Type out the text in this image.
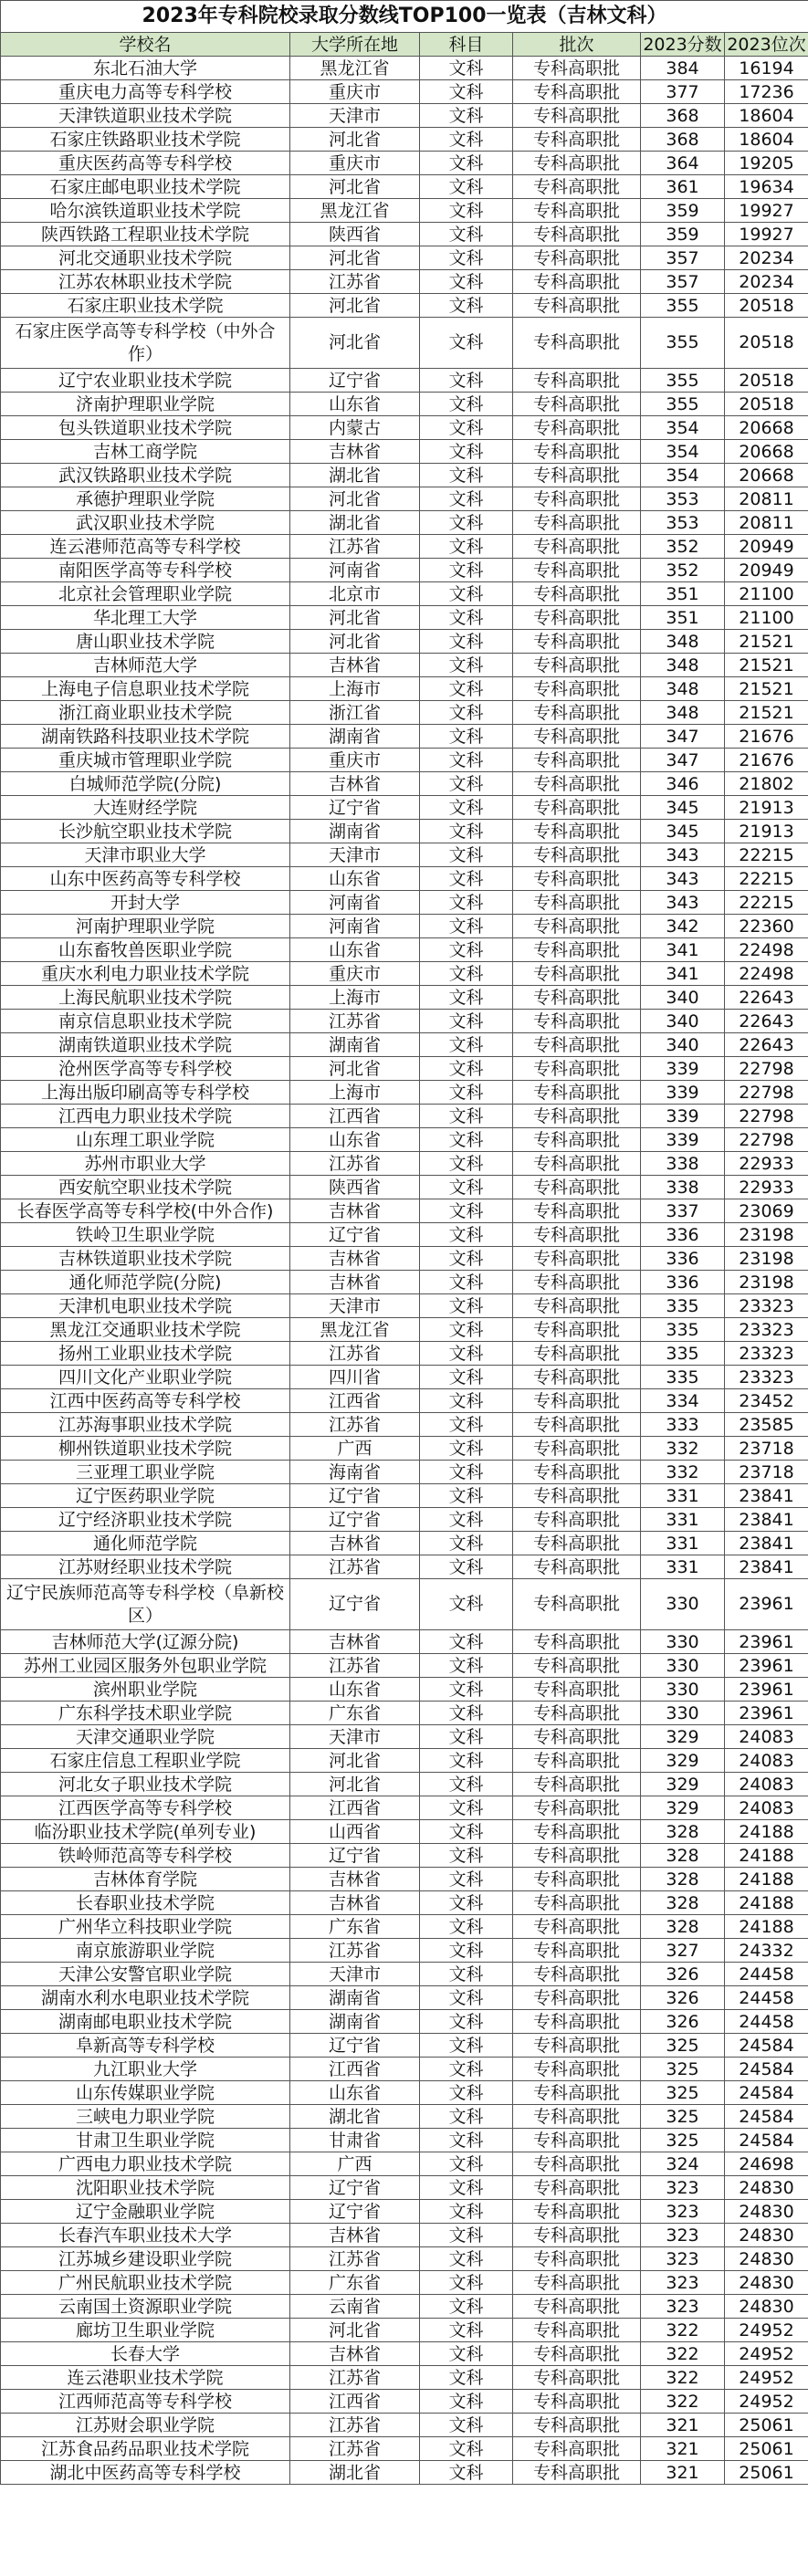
2023年专科院校录取分数线TOP100一览表（吉林文科）					
学校名	大学所在地	科目	批次	2023分数	2023位次
东北石油大学	黑龙江省	文科	专科高职批	384	16194
重庆电力高等专科学校	重庆市	文科	专科高职批	377	17236
天津铁道职业技术学院	天津市	文科	专科高职批	368	18604
石家庄铁路职业技术学院	河北省	文科	专科高职批	368	18604
重庆医药高等专科学校	重庆市	文科	专科高职批	364	19205
石家庄邮电职业技术学院	河北省	文科	专科高职批	361	19634
哈尔滨铁道职业技术学院	黑龙江省	文科	专科高职批	359	19927
陕西铁路工程职业技术学院	陕西省	文科	专科高职批	359	19927
河北交通职业技术学院	河北省	文科	专科高职批	357	20234
江苏农林职业技术学院	江苏省	文科	专科高职批	357	20234
石家庄职业技术学院	河北省	文科	专科高职批	355	20518
石家庄医学高等专科学校（中外合作）	河北省	文科	专科高职批	355	20518
辽宁农业职业技术学院	辽宁省	文科	专科高职批	355	20518
济南护理职业学院	山东省	文科	专科高职批	355	20518
包头铁道职业技术学院	内蒙古	文科	专科高职批	354	20668
吉林工商学院	吉林省	文科	专科高职批	354	20668
武汉铁路职业技术学院	湖北省	文科	专科高职批	354	20668
承德护理职业学院	河北省	文科	专科高职批	353	20811
武汉职业技术学院	湖北省	文科	专科高职批	353	20811
连云港师范高等专科学校	江苏省	文科	专科高职批	352	20949
南阳医学高等专科学校	河南省	文科	专科高职批	352	20949
北京社会管理职业学院	北京市	文科	专科高职批	351	21100
华北理工大学	河北省	文科	专科高职批	351	21100
唐山职业技术学院	河北省	文科	专科高职批	348	21521
吉林师范大学	吉林省	文科	专科高职批	348	21521
上海电子信息职业技术学院	上海市	文科	专科高职批	348	21521
浙江商业职业技术学院	浙江省	文科	专科高职批	348	21521
湖南铁路科技职业技术学院	湖南省	文科	专科高职批	347	21676
重庆城市管理职业学院	重庆市	文科	专科高职批	347	21676
白城师范学院(分院)	吉林省	文科	专科高职批	346	21802
大连财经学院	辽宁省	文科	专科高职批	345	21913
长沙航空职业技术学院	湖南省	文科	专科高职批	345	21913
天津市职业大学	天津市	文科	专科高职批	343	22215
山东中医药高等专科学校	山东省	文科	专科高职批	343	22215
开封大学	河南省	文科	专科高职批	343	22215
河南护理职业学院	河南省	文科	专科高职批	342	22360
山东畜牧兽医职业学院	山东省	文科	专科高职批	341	22498
重庆水利电力职业技术学院	重庆市	文科	专科高职批	341	22498
上海民航职业技术学院	上海市	文科	专科高职批	340	22643
南京信息职业技术学院	江苏省	文科	专科高职批	340	22643
湖南铁道职业技术学院	湖南省	文科	专科高职批	340	22643
沧州医学高等专科学校	河北省	文科	专科高职批	339	22798
上海出版印刷高等专科学校	上海市	文科	专科高职批	339	22798
江西电力职业技术学院	江西省	文科	专科高职批	339	22798
山东理工职业学院	山东省	文科	专科高职批	339	22798
苏州市职业大学	江苏省	文科	专科高职批	338	22933
西安航空职业技术学院	陕西省	文科	专科高职批	338	22933
长春医学高等专科学校(中外合作)	吉林省	文科	专科高职批	337	23069
铁岭卫生职业学院	辽宁省	文科	专科高职批	336	23198
吉林铁道职业技术学院	吉林省	文科	专科高职批	336	23198
通化师范学院(分院)	吉林省	文科	专科高职批	336	23198
天津机电职业技术学院	天津市	文科	专科高职批	335	23323
黑龙江交通职业技术学院	黑龙江省	文科	专科高职批	335	23323
扬州工业职业技术学院	江苏省	文科	专科高职批	335	23323
四川文化产业职业学院	四川省	文科	专科高职批	335	23323
江西中医药高等专科学校	江西省	文科	专科高职批	334	23452
江苏海事职业技术学院	江苏省	文科	专科高职批	333	23585
柳州铁道职业技术学院	广西	文科	专科高职批	332	23718
三亚理工职业学院	海南省	文科	专科高职批	332	23718
辽宁医药职业学院	辽宁省	文科	专科高职批	331	23841
辽宁经济职业技术学院	辽宁省	文科	专科高职批	331	23841
通化师范学院	吉林省	文科	专科高职批	331	23841
江苏财经职业技术学院	江苏省	文科	专科高职批	331	23841
辽宁民族师范高等专科学校（阜新校区）	辽宁省	文科	专科高职批	330	23961
吉林师范大学(辽源分院)	吉林省	文科	专科高职批	330	23961
苏州工业园区服务外包职业学院	江苏省	文科	专科高职批	330	23961
滨州职业学院	山东省	文科	专科高职批	330	23961
广东科学技术职业学院	广东省	文科	专科高职批	330	23961
天津交通职业学院	天津市	文科	专科高职批	329	24083
石家庄信息工程职业学院	河北省	文科	专科高职批	329	24083
河北女子职业技术学院	河北省	文科	专科高职批	329	24083
江西医学高等专科学校	江西省	文科	专科高职批	329	24083
临汾职业技术学院(单列专业)	山西省	文科	专科高职批	328	24188
铁岭师范高等专科学校	辽宁省	文科	专科高职批	328	24188
吉林体育学院	吉林省	文科	专科高职批	328	24188
长春职业技术学院	吉林省	文科	专科高职批	328	24188
广州华立科技职业学院	广东省	文科	专科高职批	328	24188
南京旅游职业学院	江苏省	文科	专科高职批	327	24332
天津公安警官职业学院	天津市	文科	专科高职批	326	24458
湖南水利水电职业技术学院	湖南省	文科	专科高职批	326	24458
湖南邮电职业技术学院	湖南省	文科	专科高职批	326	24458
阜新高等专科学校	辽宁省	文科	专科高职批	325	24584
九江职业大学	江西省	文科	专科高职批	325	24584
山东传媒职业学院	山东省	文科	专科高职批	325	24584
三峡电力职业学院	湖北省	文科	专科高职批	325	24584
甘肃卫生职业学院	甘肃省	文科	专科高职批	325	24584
广西电力职业技术学院	广西	文科	专科高职批	324	24698
沈阳职业技术学院	辽宁省	文科	专科高职批	323	24830
辽宁金融职业学院	辽宁省	文科	专科高职批	323	24830
长春汽车职业技术大学	吉林省	文科	专科高职批	323	24830
江苏城乡建设职业学院	江苏省	文科	专科高职批	323	24830
广州民航职业技术学院	广东省	文科	专科高职批	323	24830
云南国土资源职业学院	云南省	文科	专科高职批	323	24830
廊坊卫生职业学院	河北省	文科	专科高职批	322	24952
长春大学	吉林省	文科	专科高职批	322	24952
连云港职业技术学院	江苏省	文科	专科高职批	322	24952
江西师范高等专科学校	江西省	文科	专科高职批	322	24952
江苏财会职业学院	江苏省	文科	专科高职批	321	25061
江苏食品药品职业技术学院	江苏省	文科	专科高职批	321	25061
湖北中医药高等专科学校	湖北省	文科	专科高职批	321	25061
